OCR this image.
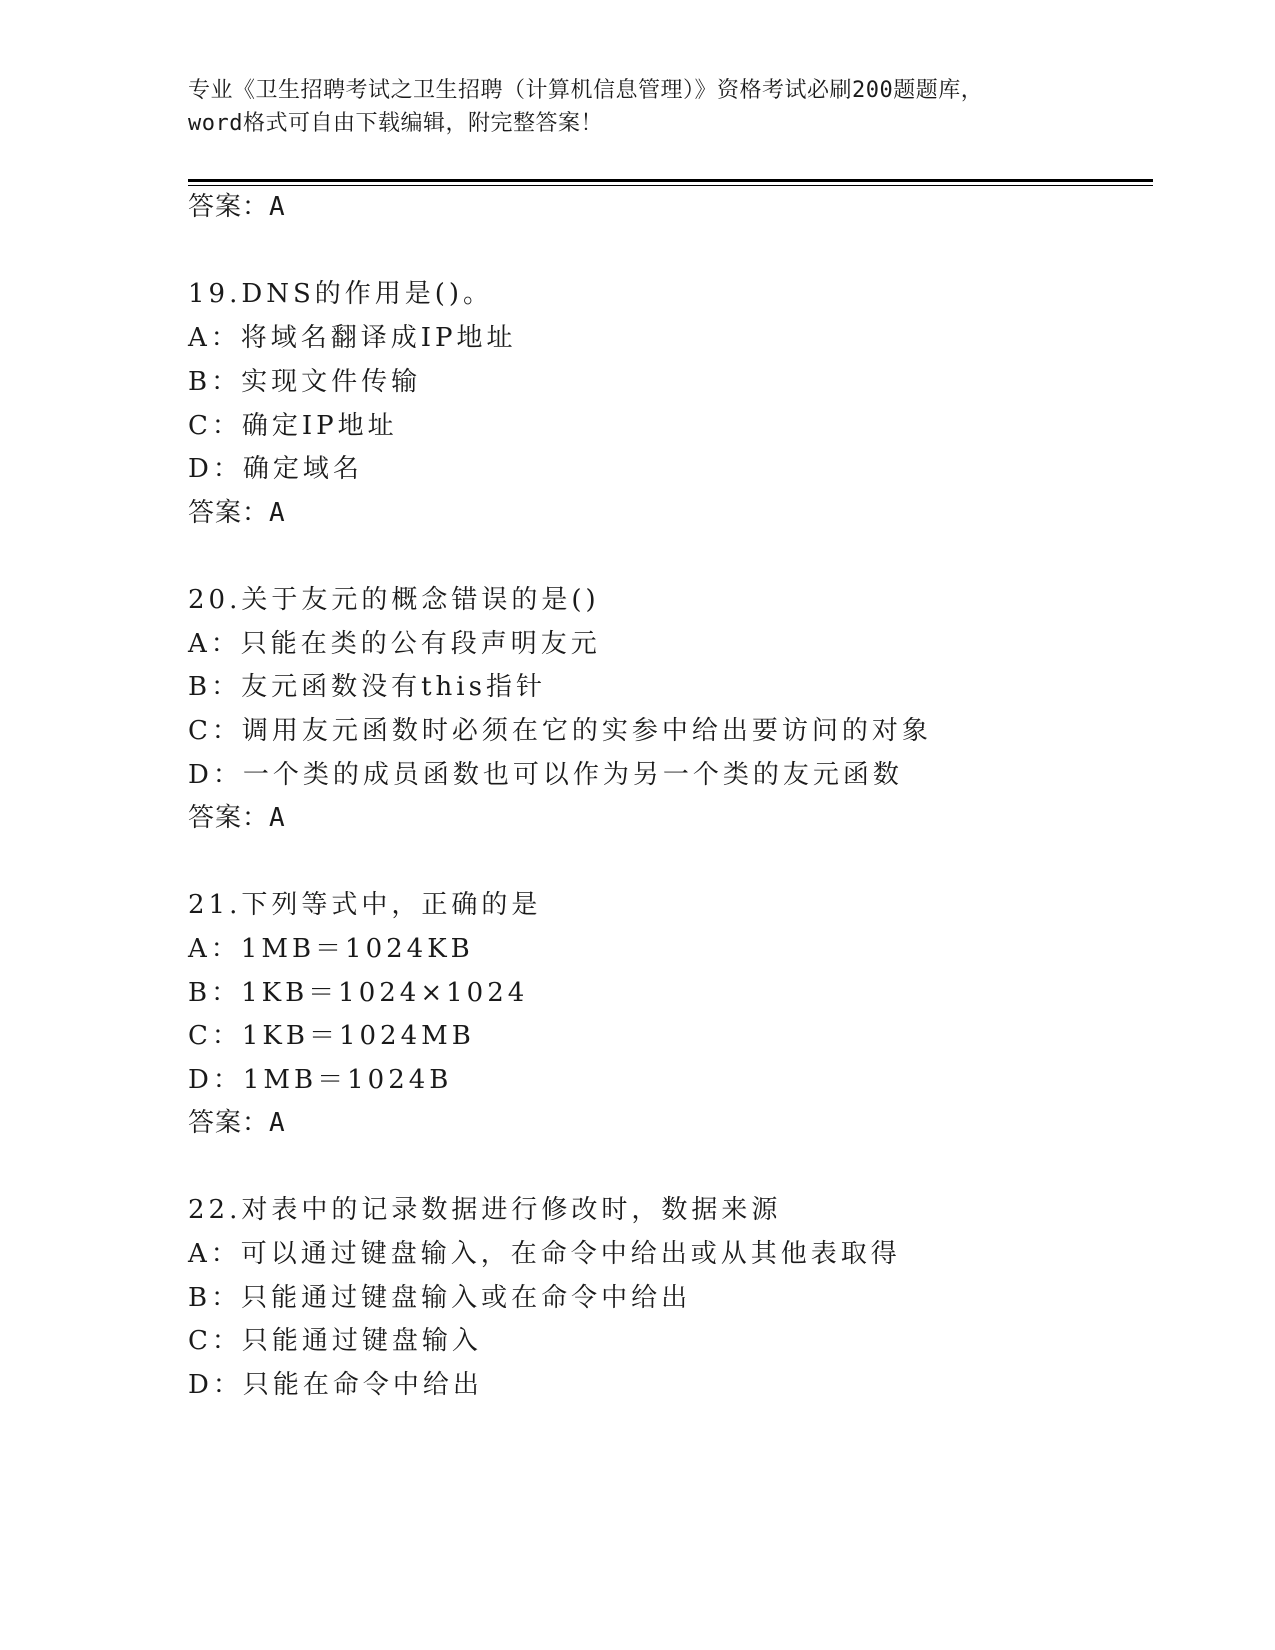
专业《卫生招聘考试之卫生招聘（计算机信息管理）》资格考试必刷200题题库，
word格式可自由下载编辑，附完整答案！
答案：A
19.DNS的作用是()。
A：将域名翻译成IP地址
B：实现文件传输
C：确定IP地址
D：确定域名
答案：A
20.关于友元的概念错误的是()
A：只能在类的公有段声明友元
B：友元函数没有this指针
C：调用友元函数时必须在它的实参中给出要访问的对象
D：一个类的成员函数也可以作为另一个类的友元函数
答案：A
21.下列等式中，正确的是
A：1MB＝1024KB
B：1KB＝1024×1024
C：1KB＝1024MB
D：1MB＝1024B
答案：A
22.对表中的记录数据进行修改时，数据来源
A：可以通过键盘输入，在命令中给出或从其他表取得
B：只能通过键盘输入或在命令中给出
C：只能通过键盘输入
D：只能在命令中给出
